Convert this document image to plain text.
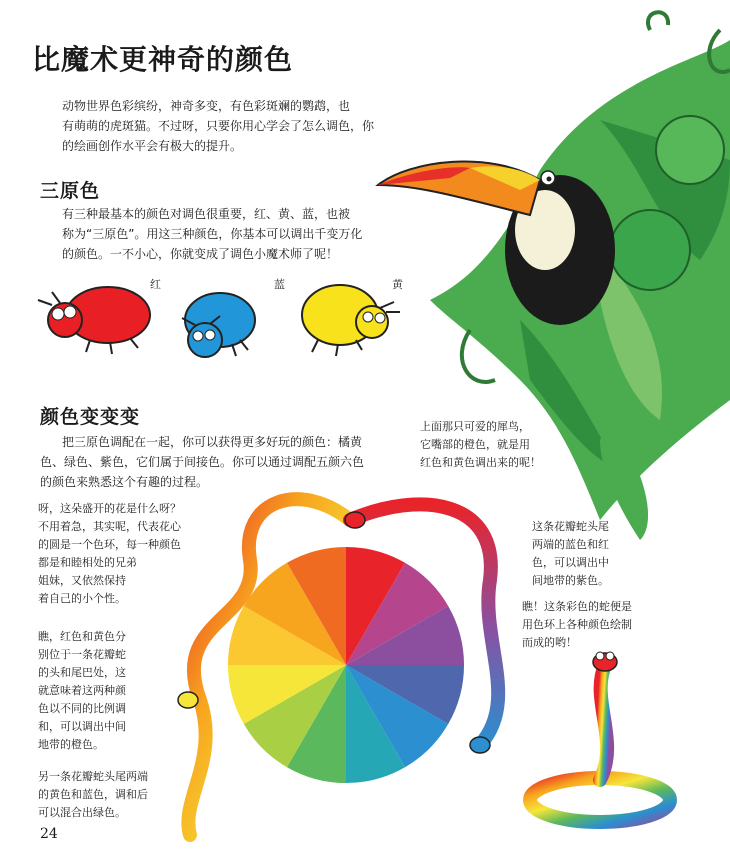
比魔术更神奇的颜色
动物世界色彩缤纷，神奇多变，有色彩斑斓的鹦鹉，也
有萌萌的虎斑猫。不过呀，只要你用心学会了怎么调色，你
的绘画创作水平会有极大的提升。
三原色
有三种最基本的颜色对调色很重要，红、黄、蓝，也被
称为“三原色”。用这三种颜色，你基本可以调出千变万化
的颜色。一不小心，你就变成了调色小魔术师了呢！
红	蓝	黄
颜色变变变
把三原色调配在一起，你可以获得更多好玩的颜色：橘黄
色、绿色、紫色，它们属于间接色。你可以通过调配五颜六色
的颜色来熟悉这个有趣的过程。
上面那只可爱的犀鸟，
它嘴部的橙色，就是用
红色和黄色调出来的呢！
呀，这朵盛开的花是什么呀？
不用着急，其实呢，代表花心
的圆是一个色环，每一种颜色
都是和睦相处的兄弟
姐妹，又依然保持
着自己的小个性。
瞧，红色和黄色分
别位于一条花瓣蛇
的头和尾巴处，这
就意味着这两种颜
色以不同的比例调
和，可以调出中间
地带的橙色。
这条花瓣蛇头尾
两端的蓝色和红
色，可以调出中
间地带的紫色。
瞧！这条彩色的蛇便是
用色环上各种颜色绘制
而成的哟！
另一条花瓣蛇头尾两端
的黄色和蓝色，调和后
可以混合出绿色。
24
